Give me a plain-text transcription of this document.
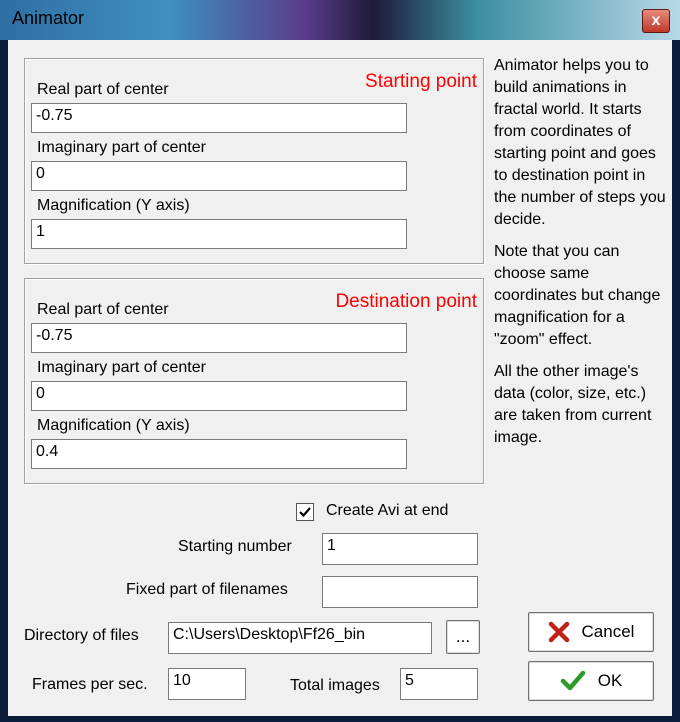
Animator	x
Starting point
Real part of center
-0.75
Imaginary part of center
0
Magnification (Y axis)
1
Destination point
Real part of center
-0.75
Imaginary part of center
0
Magnification (Y axis)
0.4

Animator helps you to build animations in fractal world. It starts from coordinates of starting point and goes to destination point in the number of steps you decide.

Note that you can choose same coordinates but change magnification for a "zoom" effect.

All the other image's data (color, size, etc.) are taken from current image.

Create Avi at end
Starting number	1
Fixed part of filenames
Directory of files	C:\Users\Desktop\Ff26_bin	...
Frames per sec.	10	Total images	5
Cancel
OK
